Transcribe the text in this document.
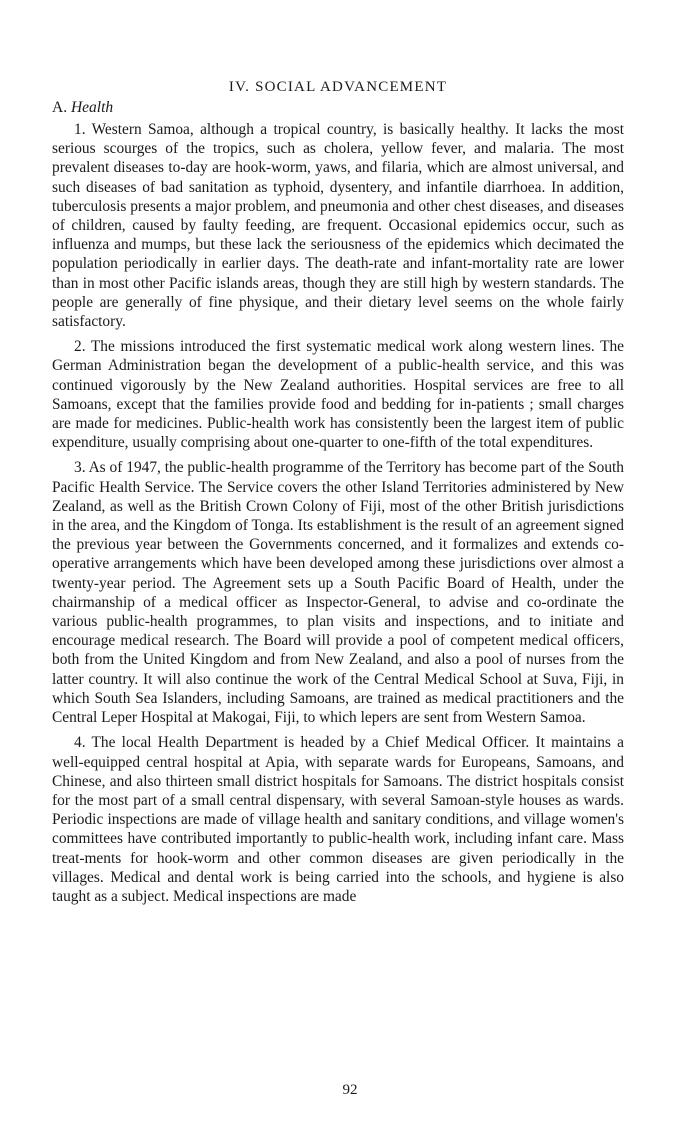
IV. SOCIAL ADVANCEMENT
A. Health

1. Western Samoa, although a tropical country, is basically healthy. It lacks the most serious scourges of the tropics, such as cholera, yellow fever, and malaria. The most prevalent diseases to-day are hook-worm, yaws, and filaria, which are almost universal, and such diseases of bad sanitation as typhoid, dysentery, and infantile diarrhoea. In addition, tuberculosis presents a major problem, and pneumonia and other chest diseases, and diseases of children, caused by faulty feeding, are frequent. Occasional epidemics occur, such as influenza and mumps, but these lack the seriousness of the epidemics which decimated the population periodically in earlier days. The death-rate and infant-mortality rate are lower than in most other Pacific islands areas, though they are still high by western standards. The people are generally of fine physique, and their dietary level seems on the whole fairly satisfactory.

2. The missions introduced the first systematic medical work along western lines. The German Administration began the development of a public-health service, and this was continued vigorously by the New Zealand authorities. Hospital services are free to all Samoans, except that the families provide food and bedding for in-patients ; small charges are made for medicines. Public-health work has consistently been the largest item of public expenditure, usually comprising about one-quarter to one-fifth of the total expenditures.

3. As of 1947, the public-health programme of the Territory has become part of the South Pacific Health Service. The Service covers the other Island Territories administered by New Zealand, as well as the British Crown Colony of Fiji, most of the other British jurisdictions in the area, and the Kingdom of Tonga. Its establishment is the result of an agreement signed the previous year between the Governments concerned, and it formalizes and extends co-operative arrangements which have been developed among these jurisdictions over almost a twenty-year period. The Agreement sets up a South Pacific Board of Health, under the chairmanship of a medical officer as Inspector-General, to advise and co-ordinate the various public-health programmes, to plan visits and inspections, and to initiate and encourage medical research. The Board will provide a pool of competent medical officers, both from the United Kingdom and from New Zealand, and also a pool of nurses from the latter country. It will also continue the work of the Central Medical School at Suva, Fiji, in which South Sea Islanders, including Samoans, are trained as medical practitioners and the Central Leper Hospital at Makogai, Fiji, to which lepers are sent from Western Samoa.

4. The local Health Department is headed by a Chief Medical Officer. It maintains a well-equipped central hospital at Apia, with separate wards for Europeans, Samoans, and Chinese, and also thirteen small district hospitals for Samoans. The district hospitals consist for the most part of a small central dispensary, with several Samoan-style houses as wards. Periodic inspections are made of village health and sanitary conditions, and village women's committees have contributed importantly to public-health work, including infant care. Mass treat-ments for hook-worm and other common diseases are given periodically in the villages. Medical and dental work is being carried into the schools, and hygiene is also taught as a subject. Medical inspections are made

92
